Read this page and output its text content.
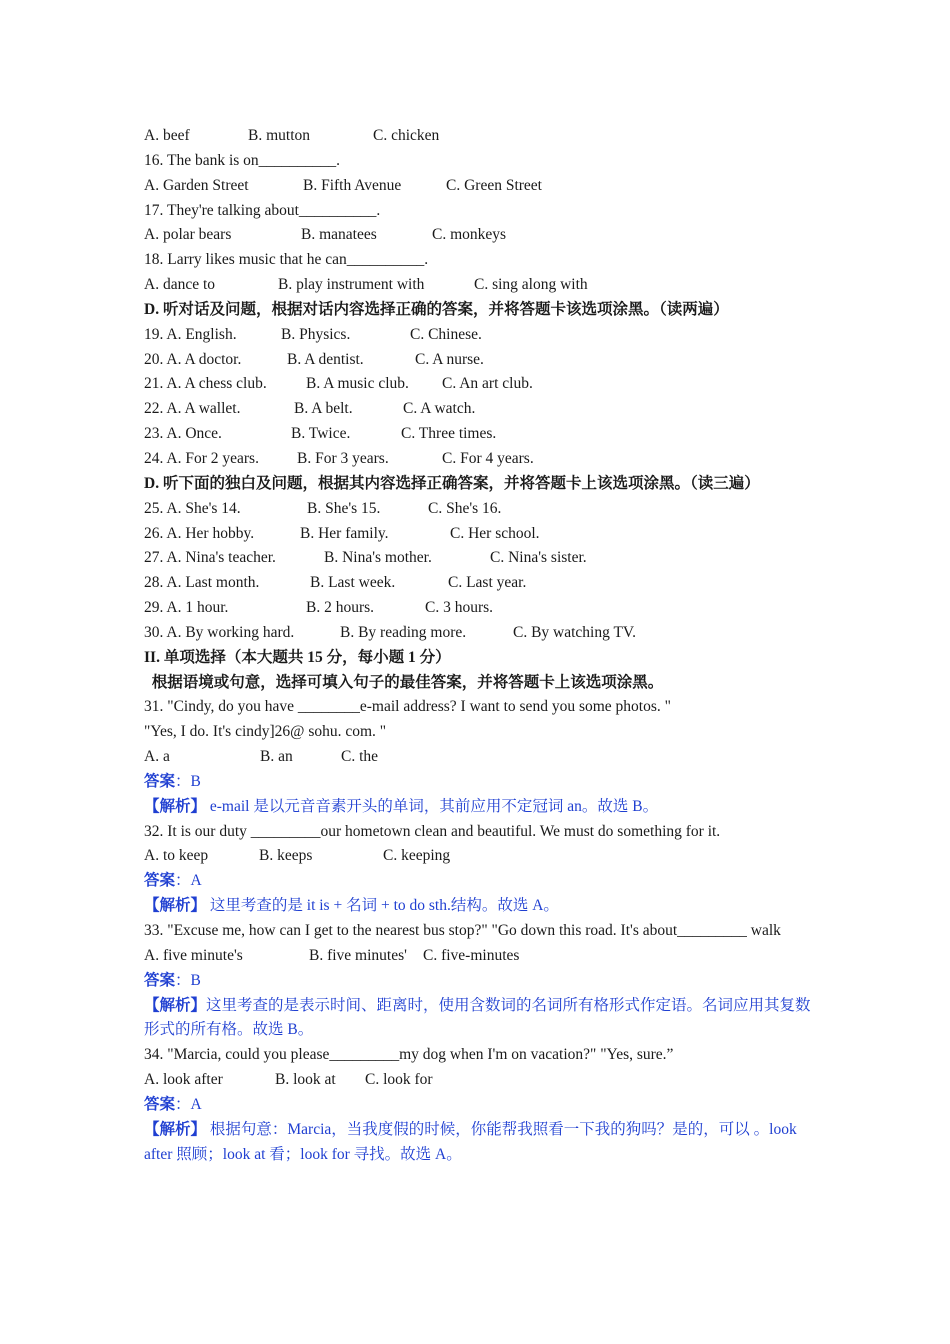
A. beef	B. mutton	C. chicken
16. The bank is on__________.
A. Garden Street	B. Fifth Avenue	C. Green Street
17. They're talking about__________.
A. polar bears	B. manatees	C. monkeys
18. Larry likes music that he can__________.
A. dance to	B. play instrument with	C. sing along with
D. 听对话及问题，根据对话内容选择正确的答案，并将答题卡该选项涂黑。（读两遍）
19. A. English.	B. Physics.	C. Chinese.
20. A. A doctor.	B. A dentist.	C. A nurse.
21. A. A chess club.	B. A music club. C. An art club.
22. A. A wallet.	B. A belt.	C. A watch.
23. A. Once.	B. Twice.	C. Three times.
24. A. For 2 years. B. For 3 years.	C. For 4 years.
D. 听下面的独白及问题，根据其内容选择正确答案，并将答题卡上该选项涂黑。（读三遍）
25. A. She's 14.	B. She's 15.	C. She's 16.
26. A. Her hobby.	B. Her family.	C. Her school.
27. A. Nina's teacher.	B. Nina's mother.	C. Nina's sister.
28. A. Last month.	B. Last week.	C. Last year.
29. A. 1 hour.	B. 2 hours.	C. 3 hours.
30. A. By working hard.	B. By reading more.	C. By watching TV.
II. 单项选择（本大题共 15 分，每小题 1 分）
根据语境或句意，选择可填入句子的最佳答案，并将答题卡上该选项涂黑。
31. "Cindy, do you have ________e-mail address? I want to send you some photos. "
"Yes, I do. It's cindy]26@ sohu. com. "
A. a	B. an	C. the
答案：B
【解析】 e-mail 是以元音音素开头的单词，其前应用不定冠词 an。故选 B。
32. It is our duty _________our hometown clean and beautiful. We must do something for it.
A. to keep	B. keeps	C. keeping
答案：A
【解析】 这里考查的是 it is + 名词 + to do sth.结构。故选 A。
33. "Excuse me, how can I get to the nearest bus stop?" "Go down this road. It's about_________ walk
A. five minute's	B. five minutes' C. five-minutes
答案：B
【解析】这里考查的是表示时间、距离时，使用含数词的名词所有格形式作定语。名词应用其复数形式的所有格。故选 B。
34. "Marcia, could you please_________my dog when I'm on vacation?" "Yes, sure.”
A. look after	B. look at C. look for
答案：A
【解析】 根据句意：Marcia，当我度假的时候，你能帮我照看一下我的狗吗？是的，可以 。look after 照顾；look at 看；look for 寻找。故选 A。
